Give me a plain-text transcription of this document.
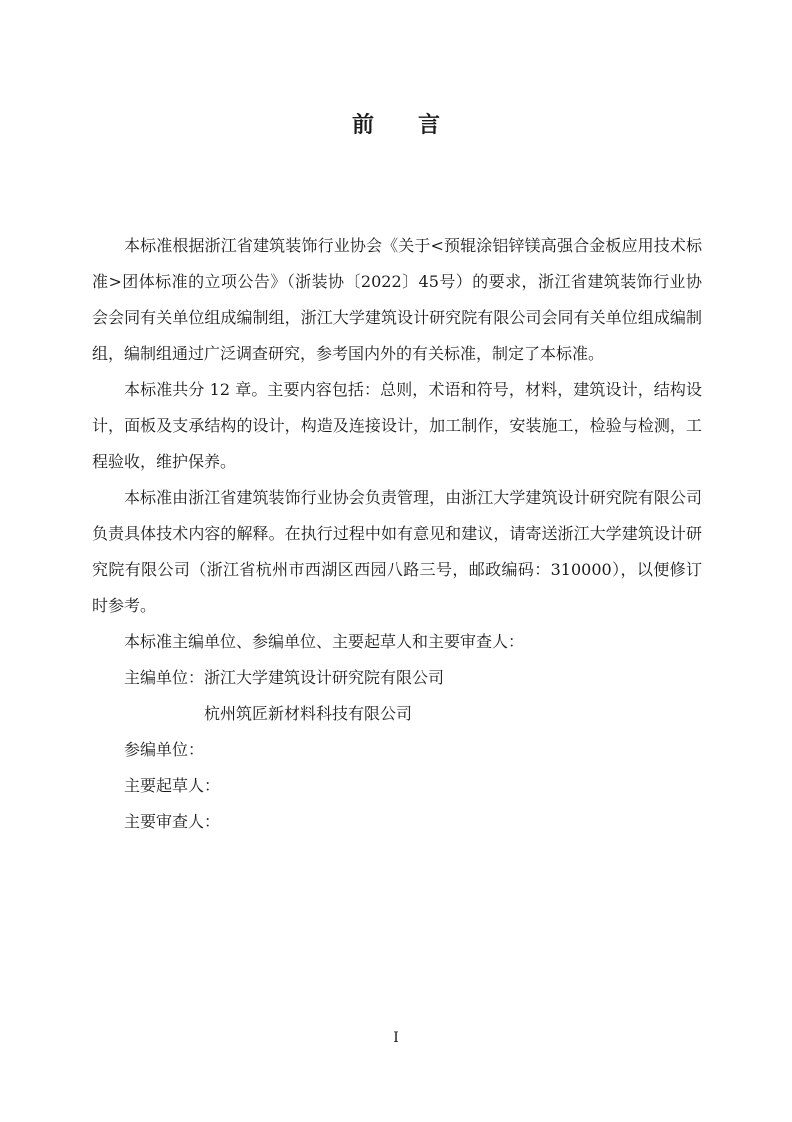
前 言

本标准根据浙江省建筑装饰行业协会《关于<预辊涂铝锌镁高强合金板应用技术标准>团体标准的立项公告》（浙装协〔2022〕45号）的要求，浙江省建筑装饰行业协会会同有关单位组成编制组，浙江大学建筑设计研究院有限公司会同有关单位组成编制组，编制组通过广泛调查研究，参考国内外的有关标准，制定了本标准。

本标准共分 12 章。主要内容包括：总则，术语和符号，材料，建筑设计，结构设计，面板及支承结构的设计，构造及连接设计，加工制作，安装施工，检验与检测，工程验收，维护保养。

本标准由浙江省建筑装饰行业协会负责管理，由浙江大学建筑设计研究院有限公司负责具体技术内容的解释。在执行过程中如有意见和建议，请寄送浙江大学建筑设计研究院有限公司（浙江省杭州市西湖区西园八路三号，邮政编码：310000），以便修订时参考。

本标准主编单位、参编单位、主要起草人和主要审查人：
主编单位：浙江大学建筑设计研究院有限公司
杭州筑匠新材料科技有限公司
参编单位：
主要起草人：
主要审查人：
I
